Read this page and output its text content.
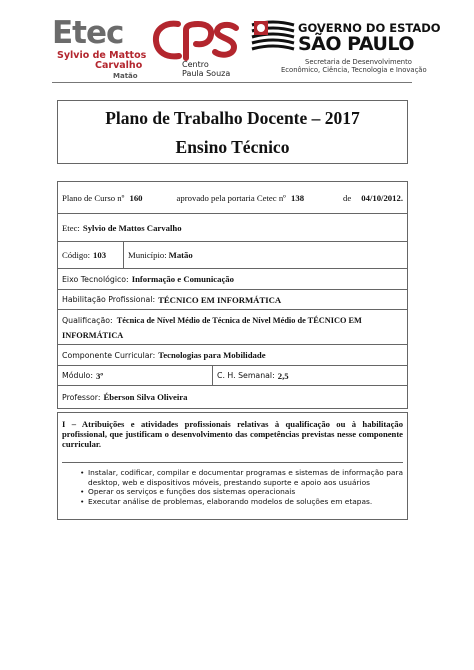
Etec
Sylvio de Mattos
Carvalho
Matão
Centro
Paula Souza
GOVERNO DO ESTADO
SÃO PAULO
Secretaria de Desenvolvimento
Econômico, Ciência, Tecnologia e Inovação
Plano de Trabalho Docente – 2017
Ensino Técnico
Plano de Curso nº 160	aprovado pela portaria Cetec nº 138	de 04/10/2012.
Etec: Sylvio de Mattos Carvalho
Código: 103	Município: Matão
Eixo Tecnológico: Informação e Comunicação
Habilitação Profissional: TÉCNICO EM INFORMÁTICA
Qualificação: Técnica de Nível Médio de Técnica de Nível Médio de TÉCNICO EM INFORMÁTICA
Componente Curricular: Tecnologias para Mobilidade
Módulo: 3º	C. H. Semanal: 2,5
Professor: Éberson Silva Oliveira
I – Atribuições e atividades profissionais relativas à qualificação ou à habilitação profissional, que justificam o desenvolvimento das competências previstas nesse componente curricular.
• Instalar, codificar, compilar e documentar programas e sistemas de informação para desktop, web e dispositivos móveis, prestando suporte e apoio aos usuários
• Operar os serviços e funções dos sistemas operacionais
• Executar análise de problemas, elaborando modelos de soluções em etapas.
